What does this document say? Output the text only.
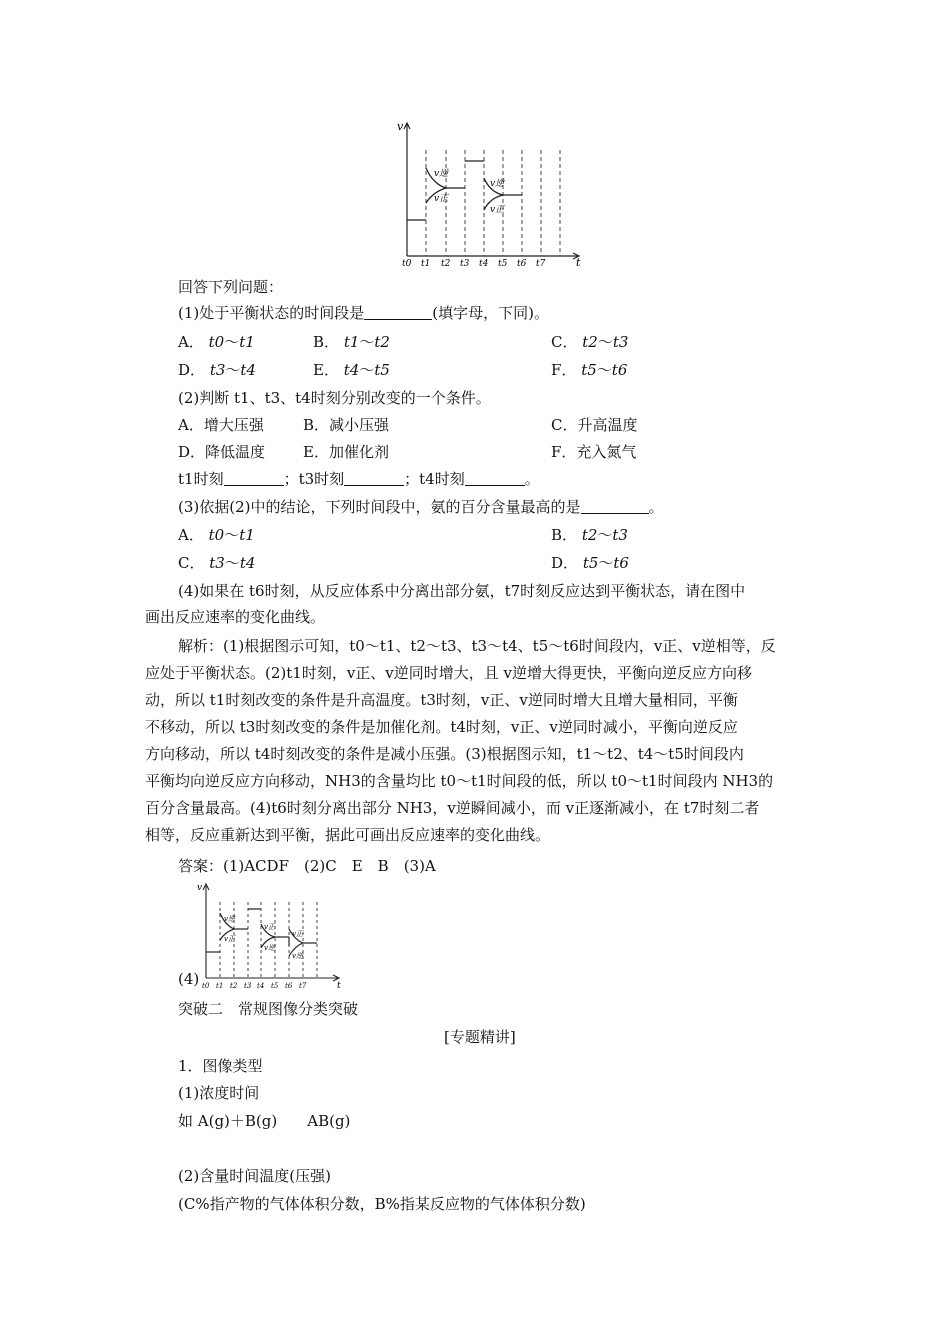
v
t
v逆
v正
v逆
v正
t0 t1 t2 t3 t4 t5 t6 t7
回答下列问题：
(1)处于平衡状态的时间段是	(填字母，下同)。
A． t0～t1	B． t1～t2	C． t2～t3
D． t3～t4	E． t4～t5	F． t5～t6
(2)判断 t1、t3、t4时刻分别改变的一个条件。
A．增大压强	B．减小压强	C．升高温度
D．降低温度	E．加催化剂	F．充入氮气
t1时刻	；t3时刻	；t4时刻	。
(3)依据(2)中的结论，下列时间段中，氨的百分含量最高的是	。
A． t0～t1	B． t2～t3
C． t3～t4	D． t5～t6
(4)如果在 t6时刻，从反应体系中分离出部分氨，t7时刻反应达到平衡状态，请在图中
画出反应速率的变化曲线。
解析：(1)根据图示可知，t0～t1、t2～t3、t3～t4、t5～t6时间段内，v正、v逆相等，反
应处于平衡状态。(2)t1时刻，v正、v逆同时增大，且 v逆增大得更快，平衡向逆反应方向移
动，所以 t1时刻改变的条件是升高温度。t3时刻，v正、v逆同时增大且增大量相同，平衡
不移动，所以 t3时刻改变的条件是加催化剂。t4时刻，v正、v逆同时减小，平衡向逆反应
方向移动，所以 t4时刻改变的条件是减小压强。(3)根据图示知，t1～t2、t4～t5时间段内
平衡均向逆反应方向移动，NH3的含量均比 t0～t1时间段的低，所以 t0～t1时间段内 NH3的
百分含量最高。(4)t6时刻分离出部分 NH3，v逆瞬间减小，而 v正逐渐减小，在 t7时刻二者
相等，反应重新达到平衡，据此可画出反应速率的变化曲线。
答案：(1)ACDF　(2)C　E　B　(3)A
v
t
v逆
v正
v正
v逆
v正
v逆
t0 t1 t2 t3 t4 t5 t6 t7
(4)
突破二　常规图像分类突破
[专题精讲]
1．图像类型
(1)浓度时间
如 A(g)＋B(g)　　AB(g)
(2)含量时间温度(压强)
(C%指产物的气体体积分数，B%指某反应物的气体体积分数)
